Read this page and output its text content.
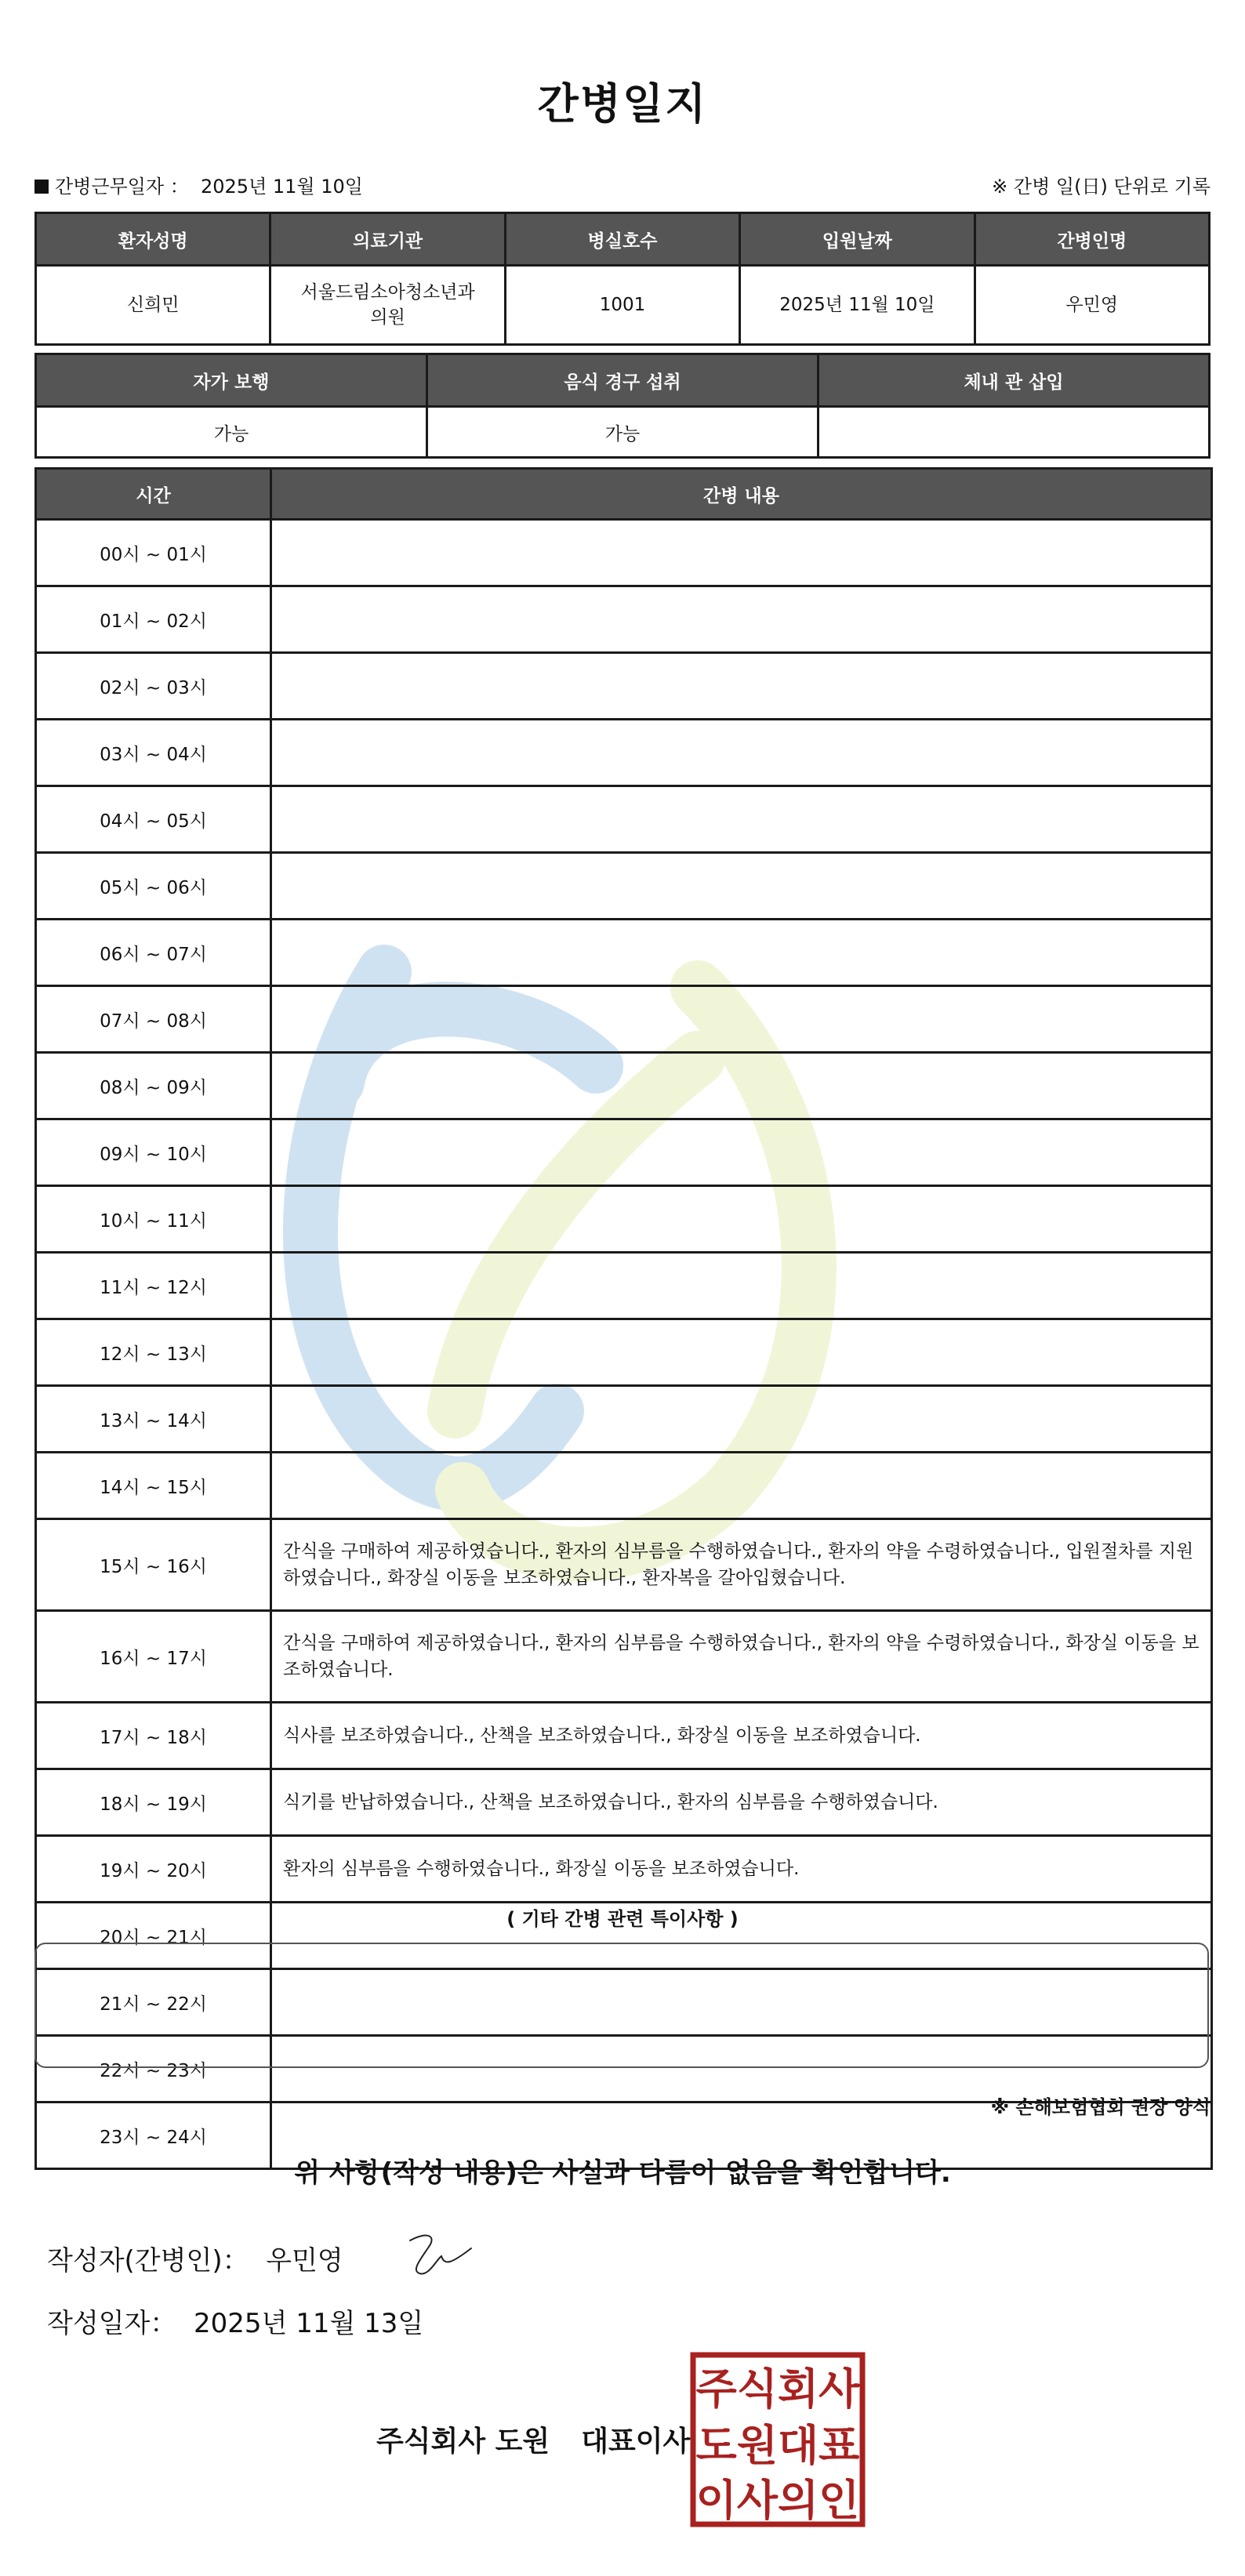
간병일지
간병근무일자 ： 2025년 11월 10일	※ 간병 일(日) 단위로 기록
환자성명	의료기관	병실호수	입원날짜	간병인명
신희민	서울드림소아청소년과의원	1001	2025년 11월 10일	우민영
자가 보행	음식 경구 섭취	체내 관 삽입
가능	가능	
시간	간병 내용
00시 ~ 01시	
01시 ~ 02시	
02시 ~ 03시	
03시 ~ 04시	
04시 ~ 05시	
05시 ~ 06시	
06시 ~ 07시	
07시 ~ 08시	
08시 ~ 09시	
09시 ~ 10시	
10시 ~ 11시	
11시 ~ 12시	
12시 ~ 13시	
13시 ~ 14시	
14시 ~ 15시	
15시 ~ 16시	간식을 구매하여 제공하였습니다., 환자의 심부름을 수행하였습니다., 환자의 약을 수령하였습니다., 입원절차를 지원하였습니다., 화장실 이동을 보조하였습니다., 환자복을 갈아입혔습니다.
16시 ~ 17시	간식을 구매하여 제공하였습니다., 환자의 심부름을 수행하였습니다., 환자의 약을 수령하였습니다., 화장실 이동을 보조하였습니다.
17시 ~ 18시	식사를 보조하였습니다., 산책을 보조하였습니다., 화장실 이동을 보조하였습니다.
18시 ~ 19시	식기를 반납하였습니다., 산책을 보조하였습니다., 환자의 심부름을 수행하였습니다.
19시 ~ 20시	환자의 심부름을 수행하였습니다., 화장실 이동을 보조하였습니다.
20시 ~ 21시	
21시 ~ 22시	
22시 ~ 23시	
23시 ~ 24시	
( 기타 간병 관련 특이사항 )
※ 손해보험협회 권장 양식
위 사항(작성 내용)은 사실과 다름이 없음을 확인합니다.
작성자(간병인)： 우민영
작성일자： 2025년 11월 13일
주식회사 도원 대표이사
주식회사
도원대표
이사의인
